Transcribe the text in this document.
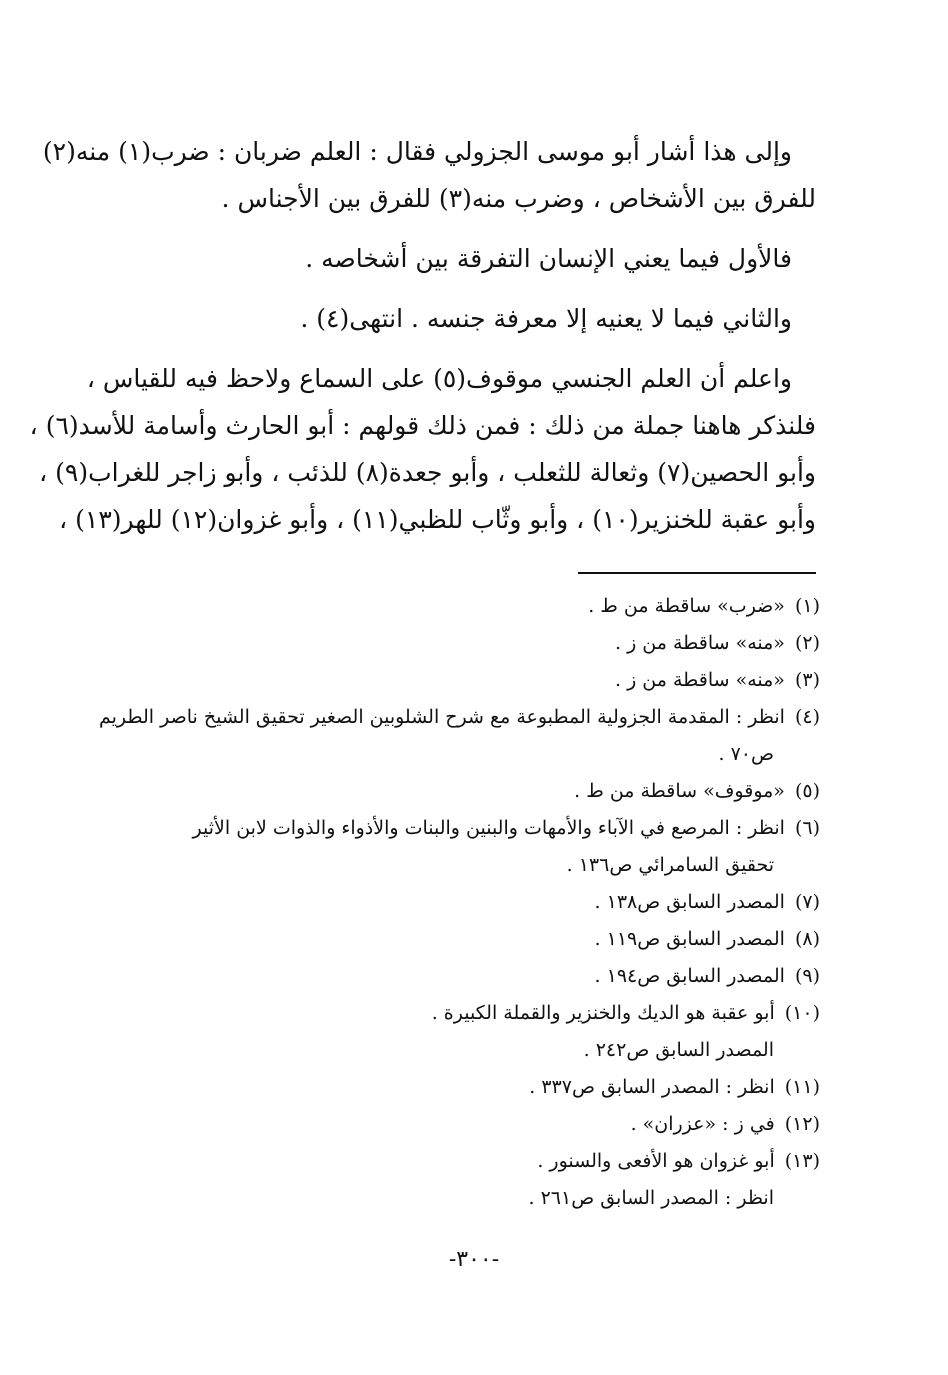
وإلى هذا أشار أبو موسى الجزولي فقال : العلم ضربان : ضرب(١) منه(٢)
للفرق بين الأشخاص ، وضرب منه(٣) للفرق بين الأجناس .
فالأول فيما يعني الإنسان التفرقة بين أشخاصه .
والثاني فيما لا يعنيه إلا معرفة جنسه . انتهى(٤) .
واعلم أن العلم الجنسي موقوف(٥) على السماع ولاحظ فيه للقياس ،
فلنذكر هاهنا جملة من ذلك : فمن ذلك قولهم : أبو الحارث وأسامة للأسد(٦) ،
وأبو الحصين(٧) وثعالة للثعلب ، وأبو جعدة(٨) للذئب ، وأبو زاجر للغراب(٩) ،
وأبو عقبة للخنزير(١٠) ، وأبو وثّاب للظبي(١١) ، وأبو غزوان(١٢) للهر(١٣) ،
(١)«ضرب» ساقطة من ط .
(٢)«منه» ساقطة من ز .
(٣)«منه» ساقطة من ز .
(٤)انظر : المقدمة الجزولية المطبوعة مع شرح الشلوبين الصغير تحقيق الشيخ ناصر الطريم
ص٧٠ .
(٥)«موقوف» ساقطة من ط .
(٦)انظر : المرصع في الآباء والأمهات والبنين والبنات والأذواء والذوات لابن الأثير
تحقيق السامرائي ص١٣٦ .
(٧)المصدر السابق ص١٣٨ .
(٨)المصدر السابق ص١١٩ .
(٩)المصدر السابق ص١٩٤ .
(١٠)أبو عقبة هو الديك والخنزير والقملة الكبيرة .
المصدر السابق ص٢٤٢ .
(١١)انظر : المصدر السابق ص٣٣٧ .
(١٢)في ز : «عزران» .
(١٣)أبو غزوان هو الأفعى والسنور .
انظر : المصدر السابق ص٢٦١ .
-٣٠٠-
